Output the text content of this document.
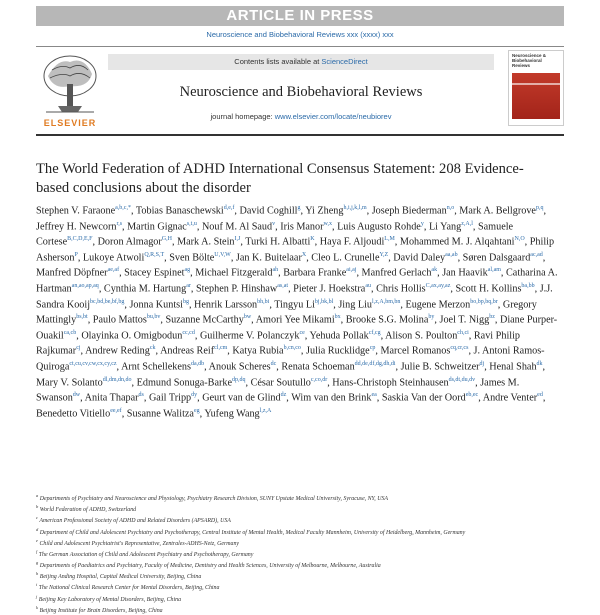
ARTICLE IN PRESS
Neuroscience and Biobehavioral Reviews xxx (xxxx) xxx
ELSEVIER
Contents lists available at ScienceDirect
Neuroscience and Biobehavioral Reviews
journal homepage: www.elsevier.com/locate/neubiorev
Neuroscience & Biobehavioral Reviews
The World Federation of ADHD International Consensus Statement: 208 Evidence-based conclusions about the disorder
Stephen V. Faraone$^{a,b,c,*}$, Tobias Banaschewski$^{d,e,f}$, David Coghill$^g$, Yi Zheng$^{h,i,j,k,l,m}$, Joseph Biederman$^{n,o}$, Mark A. Bellgrove$^{p,q}$, Jeffrey H. Newcorn$^{r,s}$, Martin Gignac$^{s,t,u}$, Nouf M. Al Saud$^v$, Iris Manor$^{w,x}$, Luis Augusto Rohde$^y$, Li Yang$^{z,A,l}$, Samuele Cortese$^{B,C,D,E,F}$, Doron Almagor$^{G,H}$, Mark A. Stein$^{I,J}$, Turki H. Albatti$^K$, Haya F. Aljoudi$^{L,M}$, Mohammed M. J. Alqahtani$^{N,O}$, Philip Asherson$^P$, Lukoye Atwoli$^{Q,R,S,T}$, Sven Bölte$^{U,V,W}$, Jan K. Buitelaar$^X$, Cleo L. Crunelle$^{Y,Z}$, David Daley$^{aa,ab}$, Søren Dalsgaard$^{ac,ad}$, Manfred Döpfner$^{ae,af}$, Stacey Espinet$^{ag}$, Michael Fitzgerald$^{ah}$, Barbara Franke$^{ai,aj}$, Manfred Gerlach$^{ak}$, Jan Haavik$^{al,am}$, Catharina A. Hartman$^{an,ao,ap,aq}$, Cynthia M. Hartung$^{ar}$, Stephen P. Hinshaw$^{as,at}$, Pieter J. Hoekstra$^{au}$, Chris Hollis$^{C,ax,ay,az}$, Scott H. Kollins$^{ba,bb}$, J.J. Sandra Kooij$^{bc,bd,be,bf,bg}$, Jonna Kuntsi$^{bg}$, Henrik Larsson$^{bh,bi}$, Tingyu $Li^{bj,bk,bl}$, Jing Liu$^{l,z,A,bm,bn}$, Eugene Merzon$^{bo,bp,bq,br}$, Gregory Mattingly$^{bs,bt}$, Paulo Mattos$^{bu,bv}$, Suzanne McCarthy$^{bw}$, Amori Yee Mikami$^{bx}$, Brooke S.G. Molina$^{by}$, Joel T. Nigg$^{bz}$, Diane Purper-Ouakil$^{ca,cb}$, Olayinka O. Omigbodun$^{cc,cd}$, Guilherme V. Polanczyk$^{ce}$, Yehuda Pollak$^{cf,cg}$, Alison S. Poulton$^{ch,ci}$, Ravi Philip Rajkumar$^{cj}$, Andrew Reding$^{ck}$, Andreas Reif$^{cl,cm}$, Katya Rubia$^{b,cn,co}$, Julia Rucklidge$^{cp}$, Marcel Romanos$^{cq,cr,cs}$, J. Antoni Ramos-Quiroga$^{ct,cu,cv,cw,cx,cy,cz}$, Arnt Schellekens$^{da,db}$, Anouk Scheres$^{dc}$, Renata Schoeman$^{dd,de,df,dg,dh,di}$, Julie B. Schweitzer$^{dj}$, Henal Shah$^{dk}$, Mary V. Solanto$^{dl,dm,dn,do}$, Edmund Sonuga-Barke$^{dp,dq}$, César Soutullo$^{c,co,dr}$, Hans-Christoph Steinhausen$^{ds,dt,du,dv}$, James M. Swanson$^{dw}$, Anita Thapar$^{ds}$, Gail Tripp$^{dy}$, Geurt van de Glind$^{dz}$, Wim van den Brink$^{ea}$, Saskia Van der Oord$^{eb,ec}$, Andre Venter$^{ed}$, Benedetto Vitiello$^{ee,ef}$, Susanne Walitza$^{eg}$, Yufeng Wang$^{l,z,A}$
$^a$ Departments of Psychiatry and Neuroscience and Physiology, Psychiatry Research Division, SUNY Upstate Medical University, Syracuse, NY, USA
$^b$ World Federation of ADHD, Switzerland
$^c$ American Professional Society of ADHD and Related Disorders (APSARD), USA
$^d$ Department of Child and Adolescent Psychiatry and Psychotherapy, Central Institute of Mental Health, Medical Faculty Mannheim, University of Heidelberg, Mannheim, Germany
$^e$ Child and Adolescent Psychiatrist's Representative, Zentrales-ADHS-Netz, Germany
$^f$ The German Association of Child and Adolescent Psychiatry and Psychotherapy, Germany
$^g$ Departments of Paediatrics and Psychiatry, Faculty of Medicine, Dentistry and Health Sciences, University of Melbourne, Melbourne, Australia
$^h$ Beijing Anding Hospital, Capital Medical University, Beijing, China
$^i$ The National Clinical Research Center for Mental Disorders, Beijing, China
$^j$ Beijing Key Laboratory of Mental Disorders, Beijing, China
$^k$ Beijing Institute for Brain Disorders, Beijing, China
